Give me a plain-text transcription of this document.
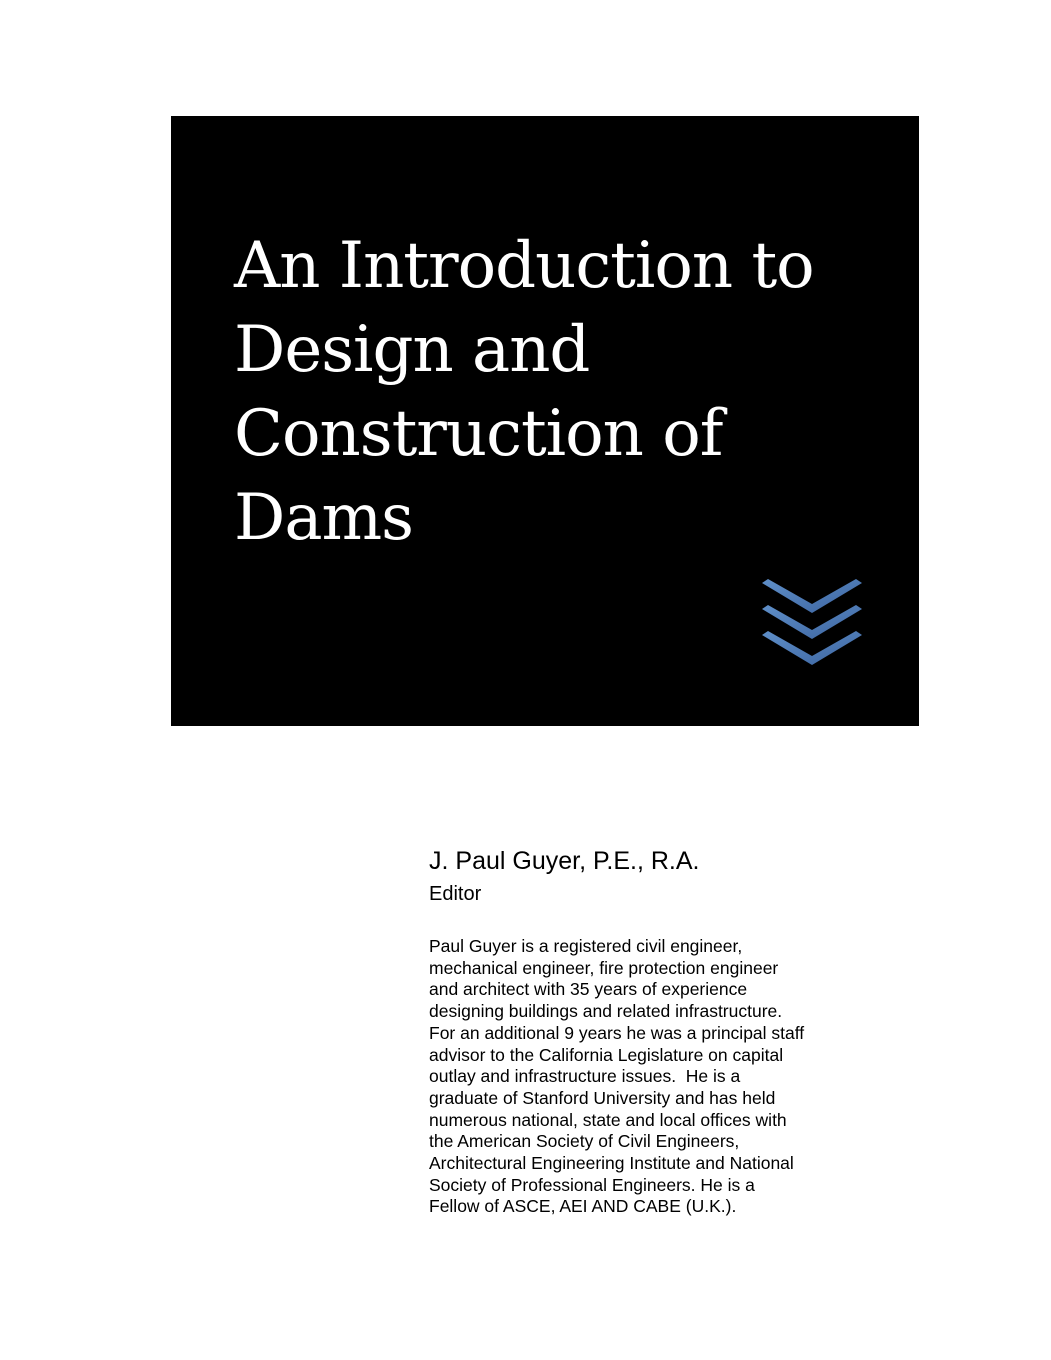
An Introduction to
Design and
Construction of
Dams

J. Paul Guyer, P.E., R.A.

Editor

Paul Guyer is a registered civil engineer,
mechanical engineer, fire protection engineer
and architect with 35 years of experience
designing buildings and related infrastructure.
For an additional 9 years he was a principal staff
advisor to the California Legislature on capital
outlay and infrastructure issues.  He is a
graduate of Stanford University and has held
numerous national, state and local offices with
the American Society of Civil Engineers,
Architectural Engineering Institute and National
Society of Professional Engineers. He is a
Fellow of ASCE, AEI AND CABE (U.K.).
